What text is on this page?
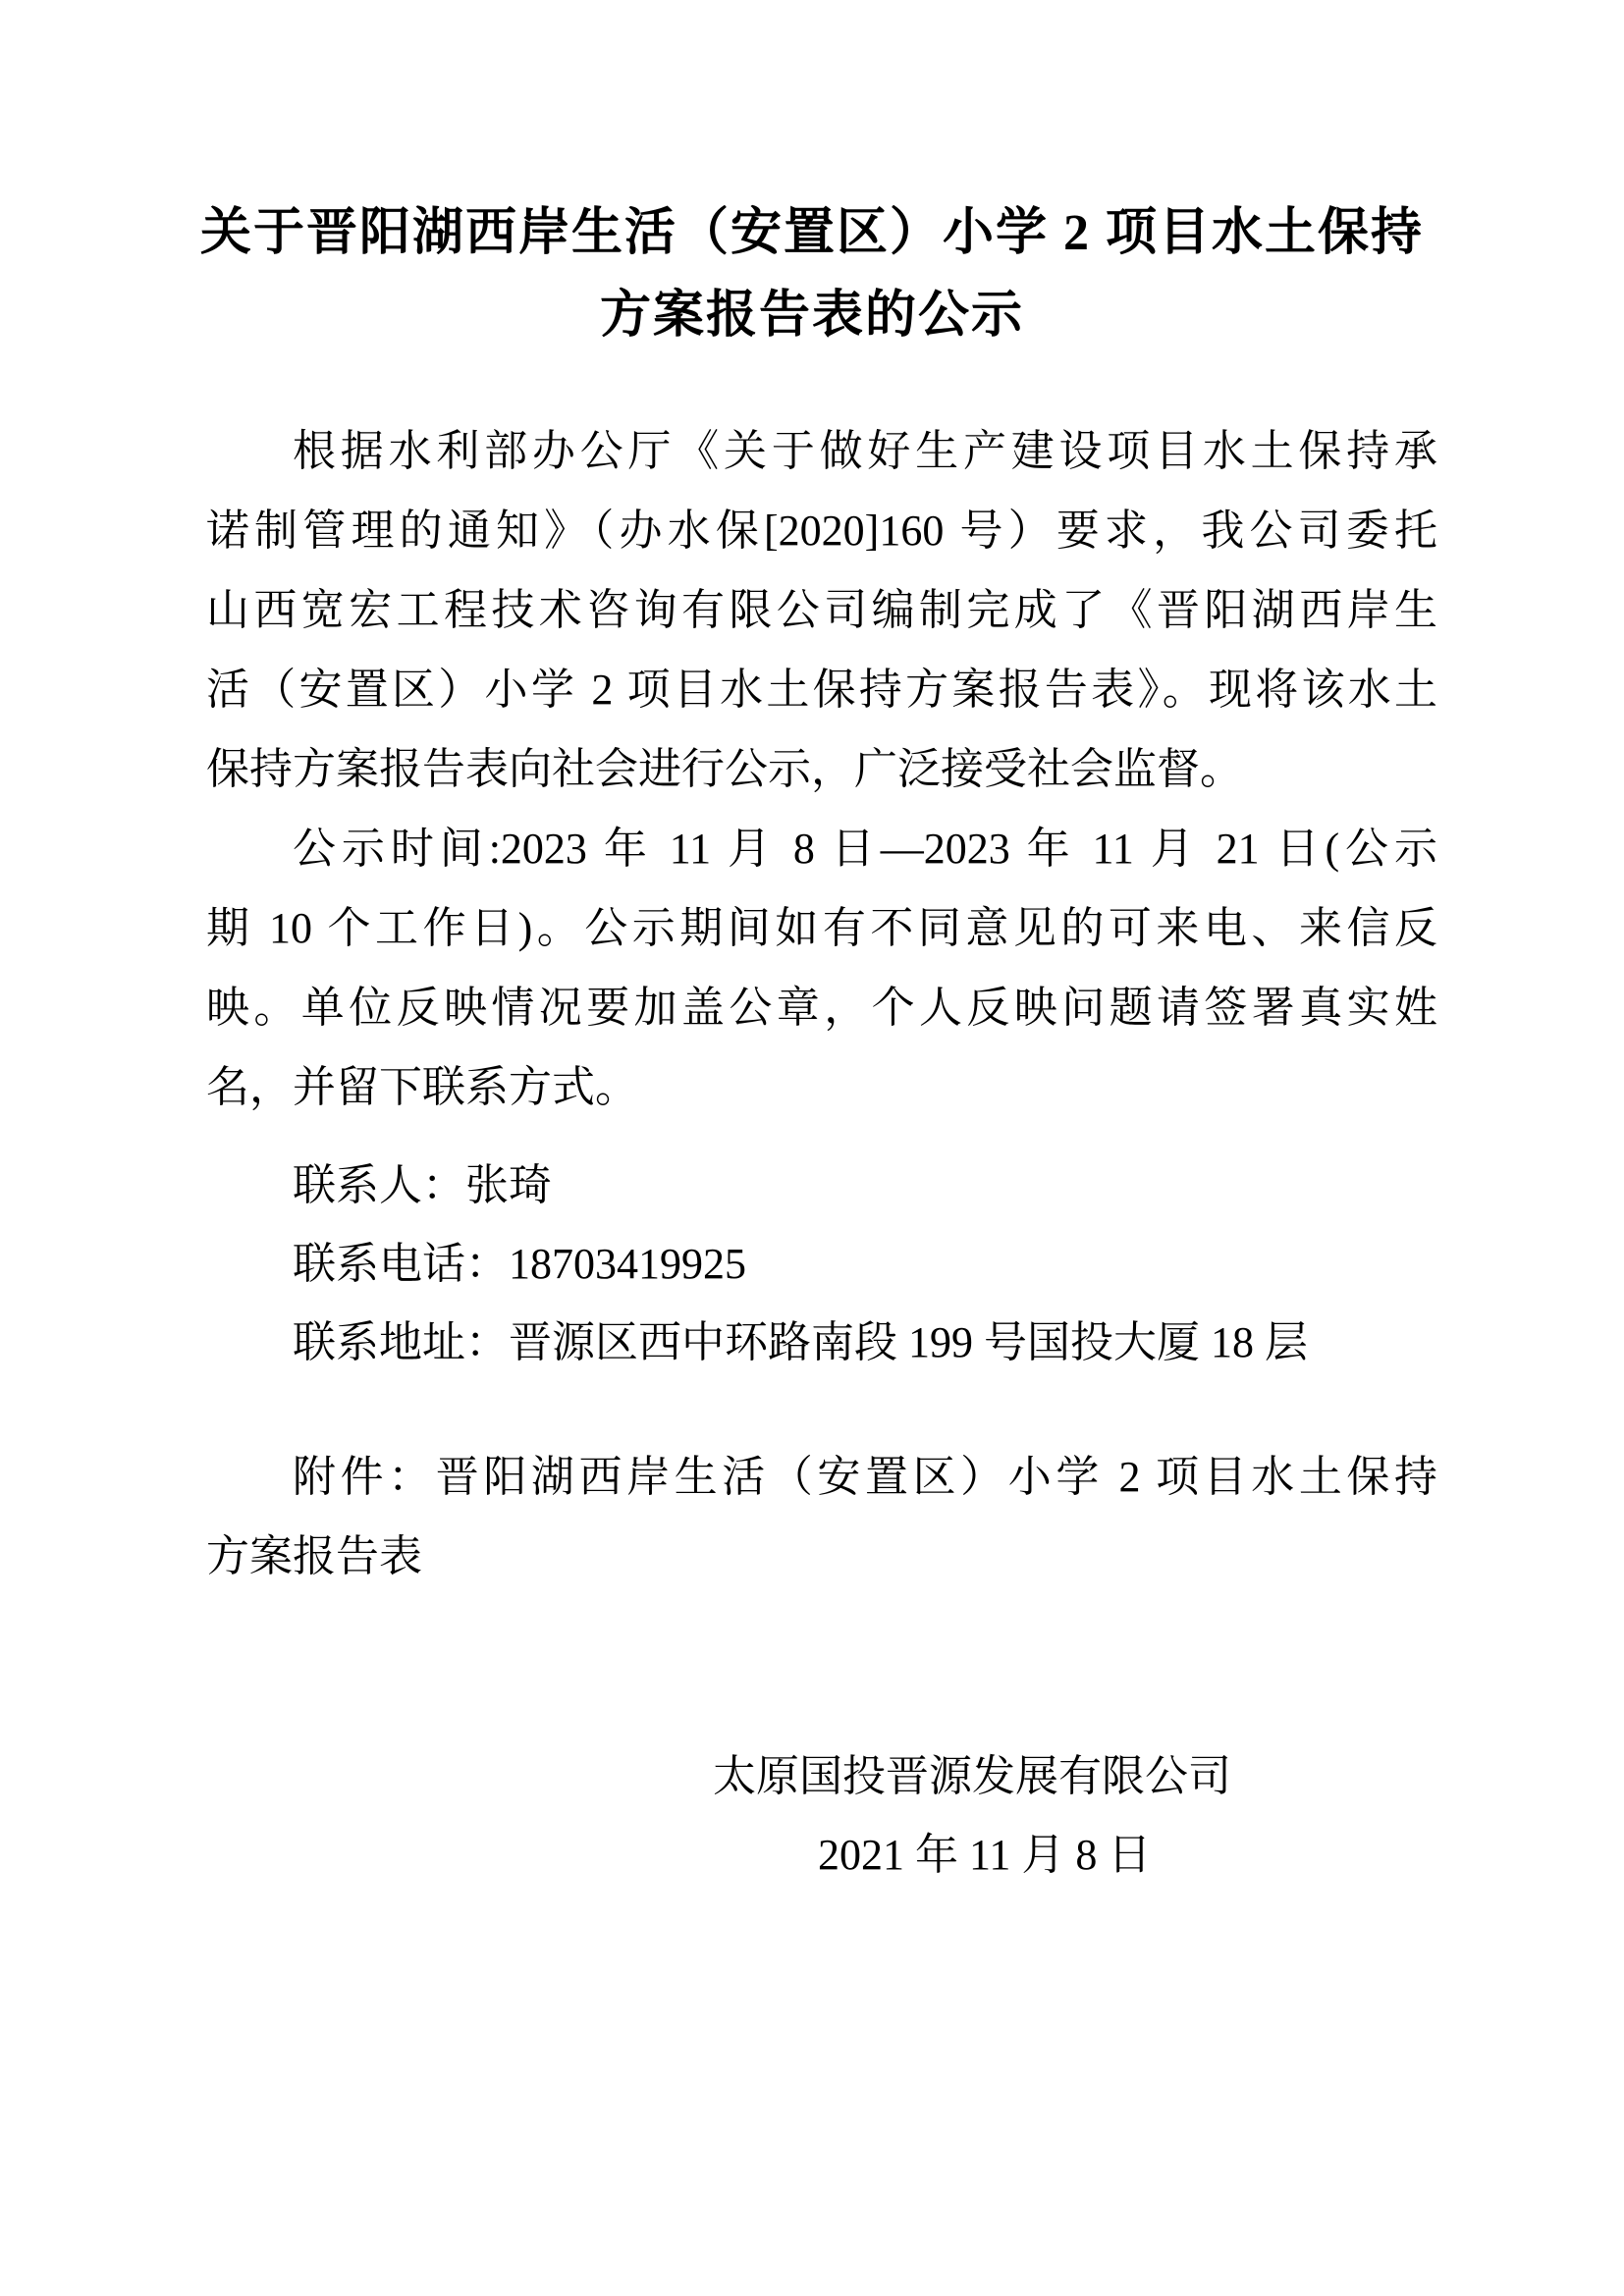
关于晋阳湖西岸生活（安置区）小学 2 项目水土保持
方案报告表的公示
根据水利部办公厅《关于做好生产建设项目水土保持承
诺制管理的通知》（办水保[2020]160 号）要求，我公司委托
山西宽宏工程技术咨询有限公司编制完成了《晋阳湖西岸生
活（安置区）小学 2 项目水土保持方案报告表》。现将该水土
保持方案报告表向社会进行公示，广泛接受社会监督。
公示时间:2023 年 11 月 8 日—2023 年 11 月 21 日(公示
期 10 个工作日)。公示期间如有不同意见的可来电、来信反
映。单位反映情况要加盖公章，个人反映问题请签署真实姓
名，并留下联系方式。
联系人：张琦
联系电话：18703419925
联系地址：晋源区西中环路南段 199 号国投大厦 18 层
附件：晋阳湖西岸生活（安置区）小学 2 项目水土保持
方案报告表
太原国投晋源发展有限公司
2021 年 11 月 8 日
